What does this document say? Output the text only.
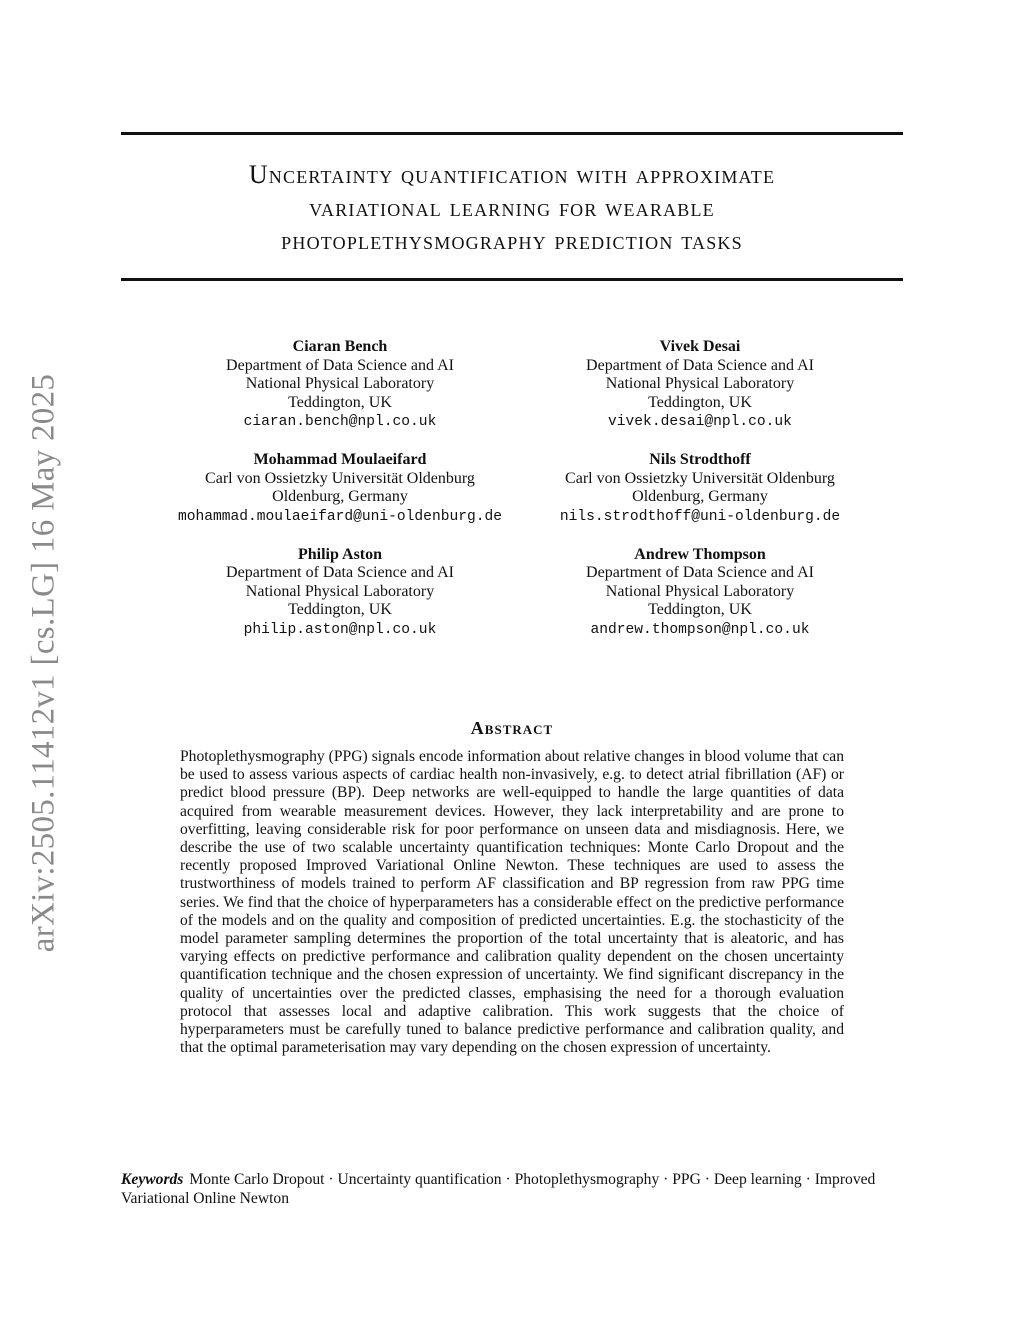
arXiv:2505.11412v1 [cs.LG] 16 May 2025
Uncertainty quantification with approximate
variational learning for wearable
photoplethysmography prediction tasks
Ciaran Bench
Department of Data Science and AI
National Physical Laboratory
Teddington, UK
ciaran.bench@npl.co.uk
Vivek Desai
Department of Data Science and AI
National Physical Laboratory
Teddington, UK
vivek.desai@npl.co.uk
Mohammad Moulaeifard
Carl von Ossietzky Universität Oldenburg
Oldenburg, Germany
mohammad.moulaeifard@uni-oldenburg.de
Nils Strodthoff
Carl von Ossietzky Universität Oldenburg
Oldenburg, Germany
nils.strodthoff@uni-oldenburg.de
Philip Aston
Department of Data Science and AI
National Physical Laboratory
Teddington, UK
philip.aston@npl.co.uk
Andrew Thompson
Department of Data Science and AI
National Physical Laboratory
Teddington, UK
andrew.thompson@npl.co.uk
Abstract

Photoplethysmography (PPG) signals encode information about relative changes in blood volume that can be used to assess various aspects of cardiac health non-invasively, e.g. to detect atrial fibrillation (AF) or predict blood pressure (BP). Deep networks are well-equipped to handle the large quantities of data acquired from wearable measurement devices. However, they lack interpretability and are prone to overfitting, leaving considerable risk for poor performance on unseen data and misdiagnosis. Here, we describe the use of two scalable uncertainty quantification techniques: Monte Carlo Dropout and the recently proposed Improved Variational Online Newton. These techniques are used to assess the trustworthiness of models trained to perform AF classification and BP regression from raw PPG time series. We find that the choice of hyperparameters has a considerable effect on the predictive performance of the models and on the quality and composition of predicted uncertainties. E.g. the stochasticity of the model parameter sampling determines the proportion of the total uncertainty that is aleatoric, and has varying effects on predictive performance and calibration quality dependent on the chosen uncertainty quantification technique and the chosen expression of uncertainty. We find significant discrepancy in the quality of uncertainties over the predicted classes, emphasising the need for a thorough evaluation protocol that assesses local and adaptive calibration. This work suggests that the choice of hyperparameters must be carefully tuned to balance predictive performance and calibration quality, and that the optimal parameterisation may vary depending on the chosen expression of uncertainty.

Keywords Monte Carlo Dropout · Uncertainty quantification · Photoplethysmography · PPG · Deep learning · Improved Variational Online Newton
